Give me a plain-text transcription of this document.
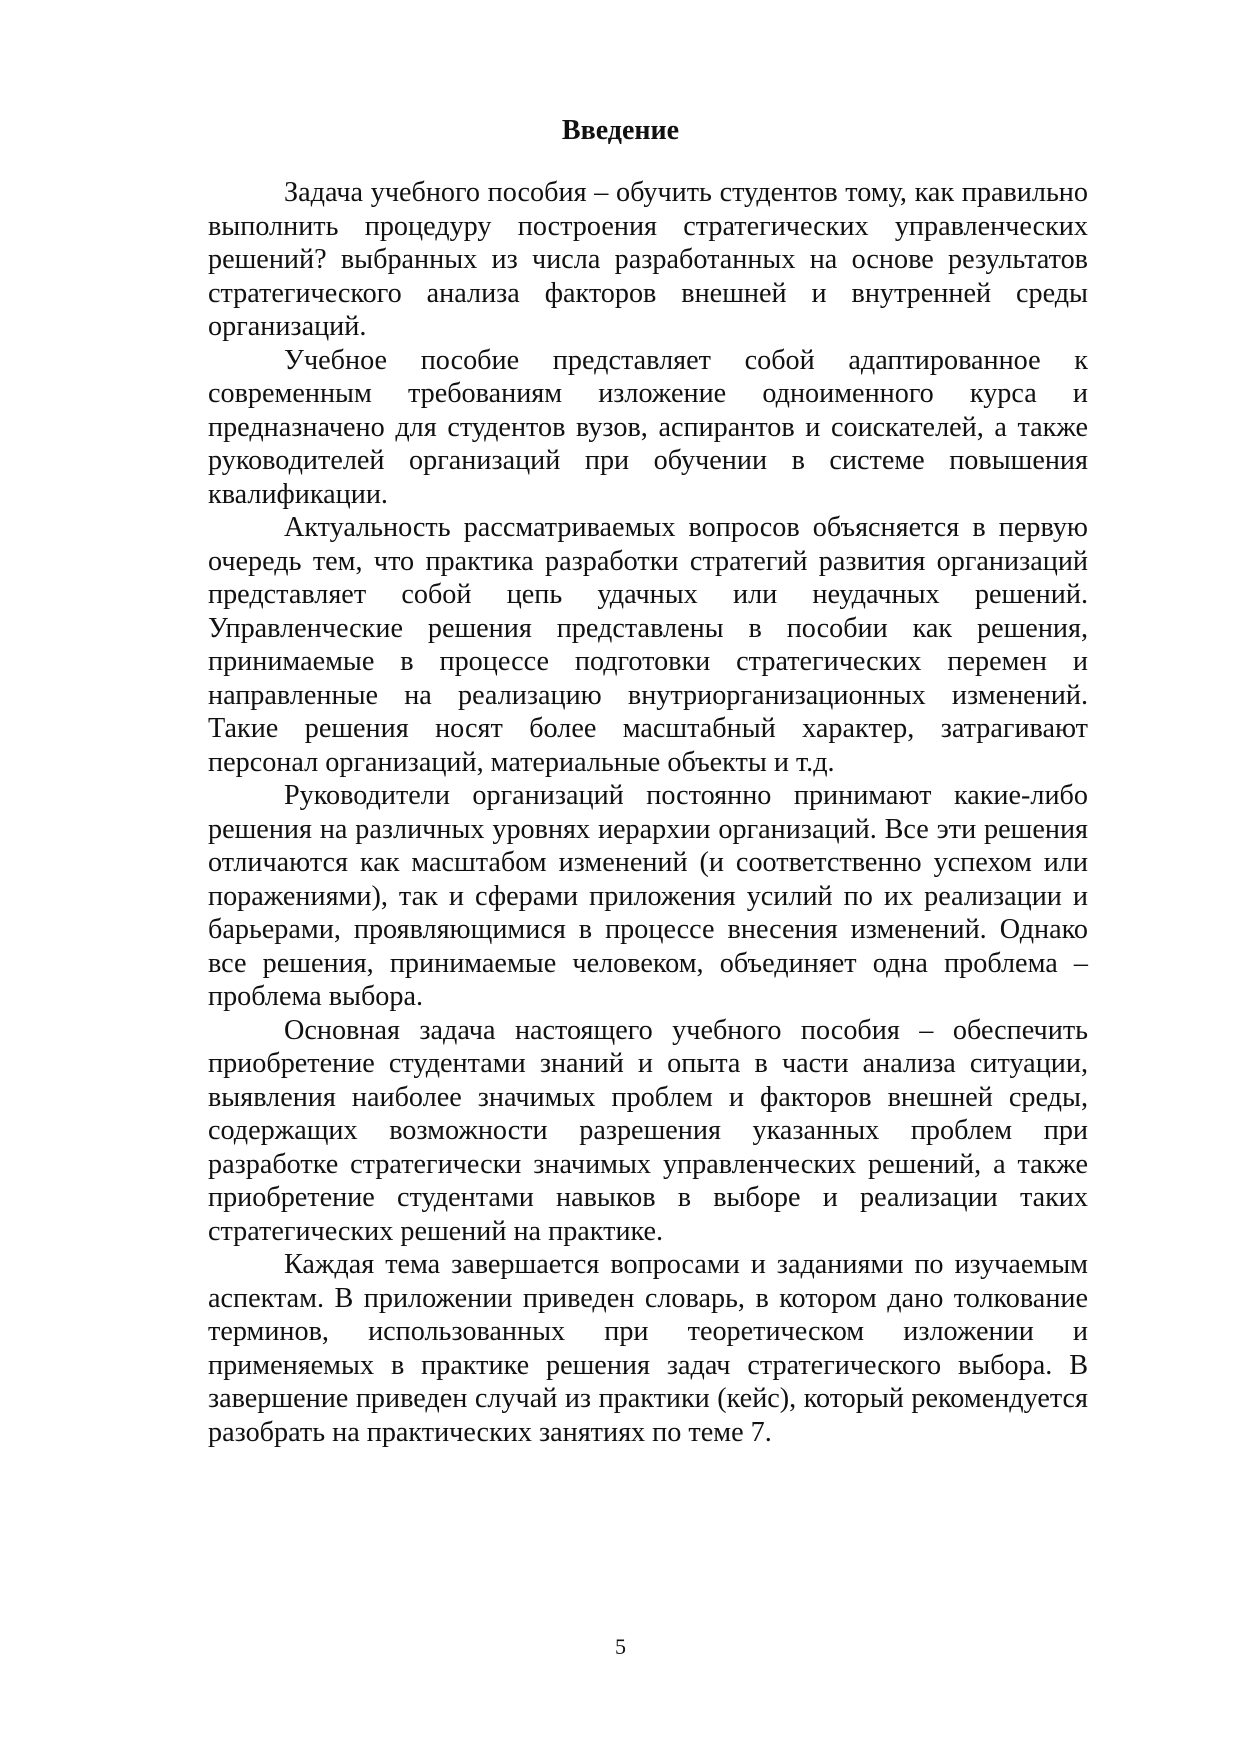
Введение

Задача учебного пособия – обучить студентов тому, как правильно выполнить процедуру построения стратегических управленческих решений? выбранных из числа разработанных на основе результатов стратегического анализа факторов внешней и внутренней среды организаций.

Учебное пособие представляет собой адаптированное к современным требованиям изложение одноименного курса и предназначено для студентов вузов, аспирантов и соискателей, а также руководителей организаций при обучении в системе повышения квалификации.

Актуальность рассматриваемых вопросов объясняется в первую очередь тем, что практика разработки стратегий развития организаций представляет собой цепь удачных или неудачных решений. Управленческие решения представлены в пособии как решения, принимаемые в процессе подготовки стратегических перемен и направленные на реализацию внутриорганизационных изменений. Такие решения носят более масштабный характер, затрагивают персонал организаций, материальные объекты и т.д.

Руководители организаций постоянно принимают какие-либо решения на различных уровнях иерархии организаций. Все эти решения отличаются как масштабом изменений (и соответственно успехом или поражениями), так и сферами приложения усилий по их реализации и барьерами, проявляющимися в процессе внесения изменений. Однако все решения, принимаемые человеком, объединяет одна проблема – проблема выбора.

Основная задача настоящего учебного пособия – обеспечить приобретение студентами знаний и опыта в части анализа ситуации, выявления наиболее значимых проблем и факторов внешней среды, содержащих возможности разрешения указанных проблем при разработке стратегически значимых управленческих решений, а также приобретение студентами навыков в выборе и реализации таких стратегических решений на практике.

Каждая тема завершается вопросами и заданиями по изучаемым аспектам. В приложении приведен словарь, в котором дано толкование терминов, использованных при теоретическом изложении и применяемых в практике решения задач стратегического выбора. В завершение приведен случай из практики (кейс), который рекомендуется разобрать на практических занятиях по теме 7.

5
